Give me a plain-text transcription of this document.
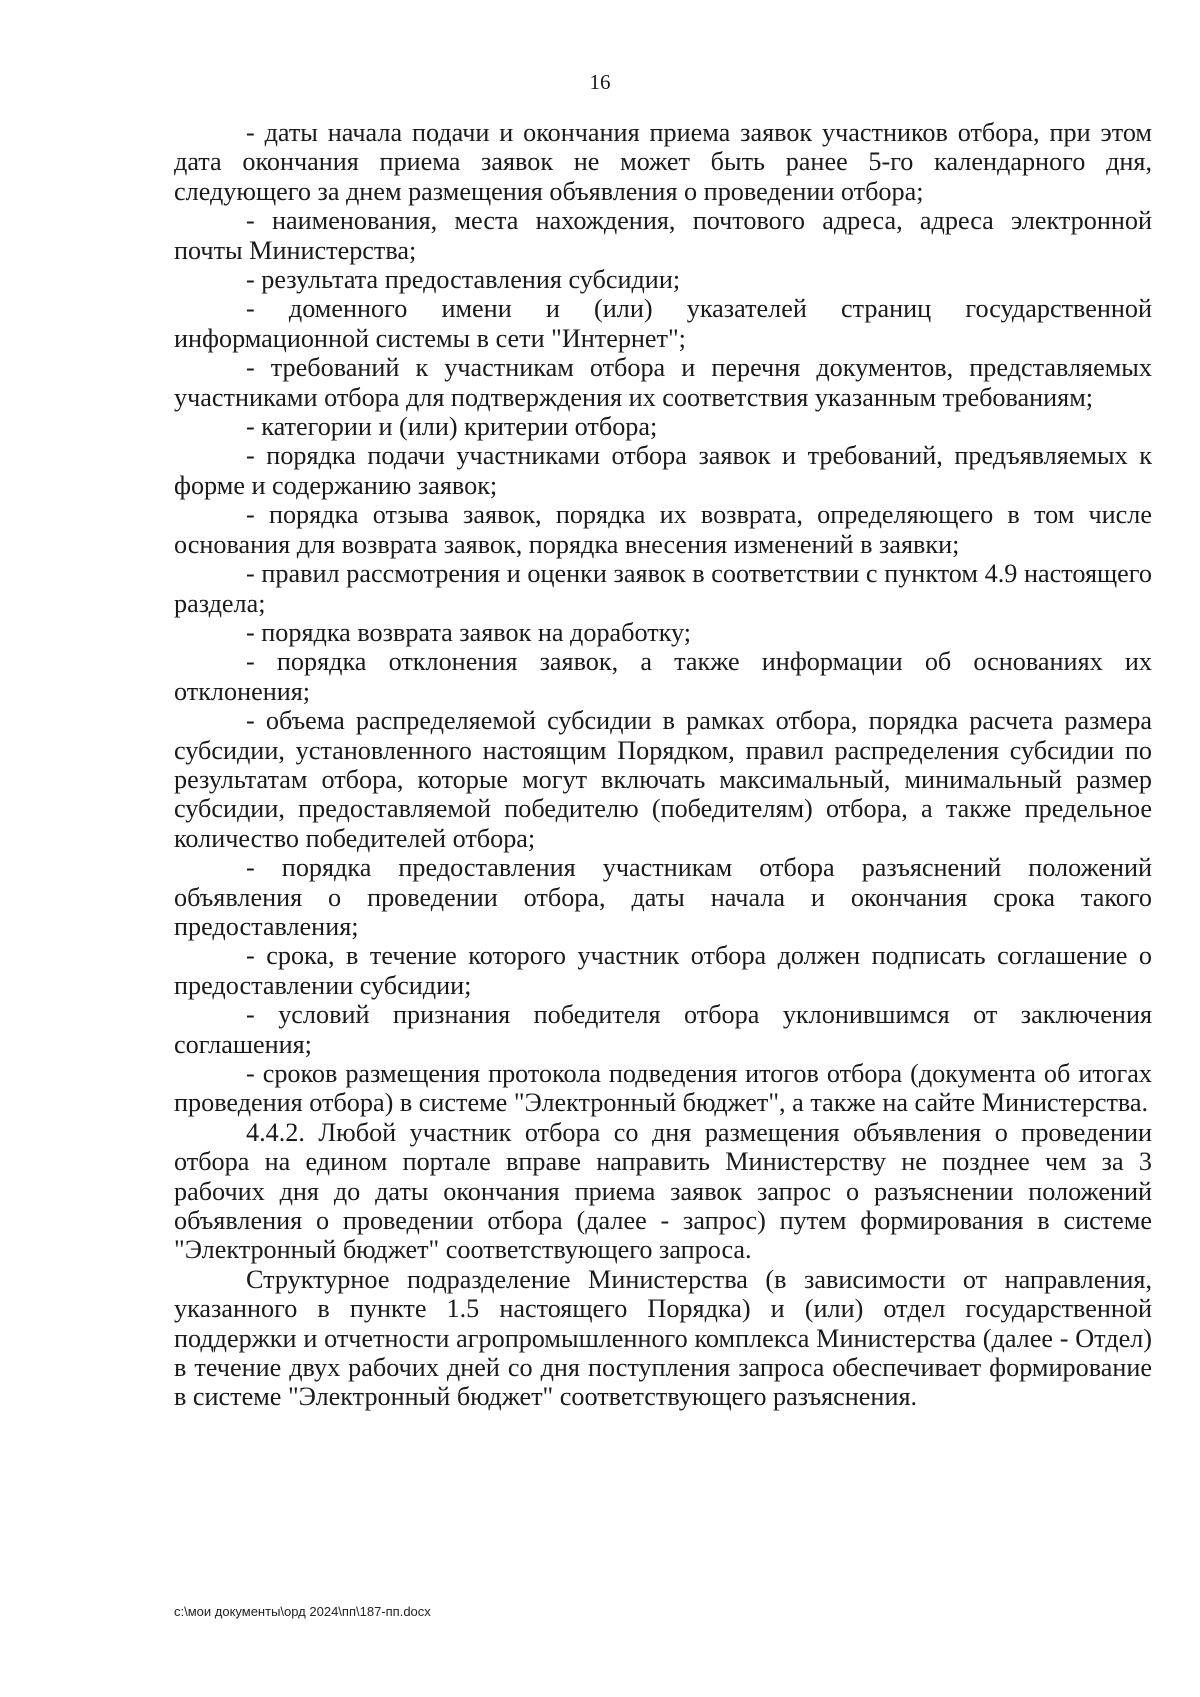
16

- даты начала подачи и окончания приема заявок участников отбора, при этом дата окончания приема заявок не может быть ранее 5-го календарного дня, следующего за днем размещения объявления о проведении отбора;

- наименования, места нахождения, почтового адреса, адреса электронной почты Министерства;

- результата предоставления субсидии;

- доменного имени и (или) указателей страниц государственной информационной системы в сети "Интернет";

- требований к участникам отбора и перечня документов, представляемых участниками отбора для подтверждения их соответствия указанным требованиям;

- категории и (или) критерии отбора;

- порядка подачи участниками отбора заявок и требований, предъявляемых к форме и содержанию заявок;

- порядка отзыва заявок, порядка их возврата, определяющего в том числе основания для возврата заявок, порядка внесения изменений в заявки;

- правил рассмотрения и оценки заявок в соответствии с пунктом 4.9 настоящего раздела;

- порядка возврата заявок на доработку;

- порядка отклонения заявок, а также информации об основаниях их отклонения;

- объема распределяемой субсидии в рамках отбора, порядка расчета размера субсидии, установленного настоящим Порядком, правил распределения субсидии по результатам отбора, которые могут включать максимальный, минимальный размер субсидии, предоставляемой победителю (победителям) отбора, а также предельное количество победителей отбора;

- порядка предоставления участникам отбора разъяснений положений объявления о проведении отбора, даты начала и окончания срока такого предоставления;

- срока, в течение которого участник отбора должен подписать соглашение о предоставлении субсидии;

- условий признания победителя отбора уклонившимся от заключения соглашения;

- сроков размещения протокола подведения итогов отбора (документа об итогах проведения отбора) в системе "Электронный бюджет", а также на сайте Министерства.

4.4.2. Любой участник отбора со дня размещения объявления о проведении отбора на едином портале вправе направить Министерству не позднее чем за 3 рабочих дня до даты окончания приема заявок запрос о разъяснении положений объявления о проведении отбора (далее - запрос) путем формирования в системе "Электронный бюджет" соответствующего запроса.

Структурное подразделение Министерства (в зависимости от направления, указанного в пункте 1.5 настоящего Порядка) и (или) отдел государственной поддержки и отчетности агропромышленного комплекса Министерства (далее - Отдел) в течение двух рабочих дней со дня поступления запроса обеспечивает формирование в системе "Электронный бюджет" соответствующего разъяснения.

c:\мои документы\орд 2024\пп\187-пп.docx
